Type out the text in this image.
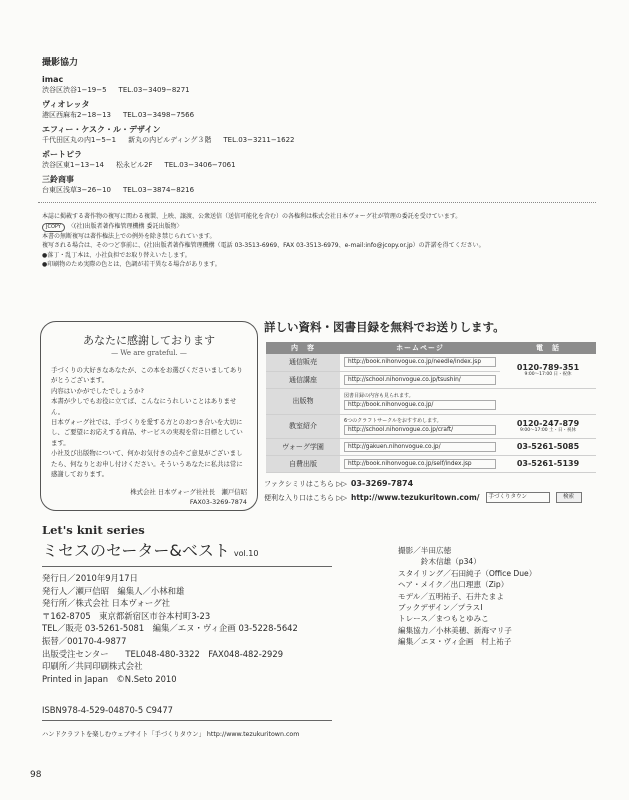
撮影協力
imac
渋谷区渋谷1−19−5 TEL.03−3409−8271
ヴィオレッタ
港区西麻布2−18−13 TEL.03−3498−7566
エフィー・ケスク・ル・デザイン
千代田区丸の内1−5−1 新丸の内ビルディング３階 TEL.03−3211−1622
ポートピラ
渋谷区東1−13−14 松永ビル2F TEL.03−3406−7061
三鈴商事
台東区浅草3−26−10 TEL.03−3874−8216
本誌に掲載する著作物の複写に関わる複製、上映、譲渡、公衆送信（送信可能化を含む）の各権利は株式会社日本ヴォーグ社が管理の委託を受けています。
JCOPY 〈(社)出版者著作権管理機構 委託出版物〉
本書の無断複写は著作権法上での例外を除き禁じられています。
複写される場合は、そのつど事前に、(社)出版者著作権管理機構（電話 03-3513-6969、FAX 03-3513-6979、e-mail:info@jcopy.or.jp）の許諾を得てください。
●落丁・乱丁本は、小社負担でお取り替えいたします。
●印刷物のため実際の色とは、色調が若干異なる場合があります。
あなたに感謝しております
— We are grateful. —

手づくりの大好きなあなたが、この本をお選びくださいましてありがとうございます。

内容はいかがでしたでしょうか?

本書が少しでもお役に立てば、こんなにうれしいことはありません。

日本ヴォーグ社では、手づくりを愛する方とのおつき合いを大切にし、ご要望にお応えする商品、サービスの実現を常に目標としています。

小社及び出版物について、何かお気付きの点やご意見がございましたら、何なりとお申し付けください。そういうあなたに私共は常に感謝しております。

株式会社 日本ヴォーグ社社長　瀬戸信昭
FAX03-3269-7874
詳しい資料・図書目録を無料でお送りします。
内　容	ホームページ	電　話
通信販売	http://book.nihonvogue.co.jp/needle/index.jsp	0120-789-351
9:00〜17:00 日・祝休

通信講座	http://school.nihonvogue.co.jp/tsushin/	

出版物	図書目録の内容も見られます。
http://book.nihonvogue.co.jp/	

教室紹介	6つのクラフトサークルをおすすめします。
http://school.nihonvogue.co.jp/craft/	0120-247-879
9:00〜17:00 土・日・祝休

ヴォーグ学園	http://gakuen.nihonvogue.co.jp/	03-5261-5085
自費出版	http://book.nihonvogue.co.jp/self/index.jsp	03-5261-5139
ファクシミリはこちら ▷▷ 03-3269-7874
便利な入り口はこちら ▷▷ http://www.tezukuritown.com/	手づくりタウン	検索
Let's knit series
ミセスのセーター&ベスト vol.10
発行日／2010年9月17日
発行人／瀬戸信昭　編集人／小林和雄
発行所／株式会社 日本ヴォーグ社
〒162-8705　東京都新宿区市谷本村町3-23
TEL／販売 03-5261-5081　編集／エヌ・ヴィ企画 03-5228-5642
振替／00170-4-9877
出版受注センター　　TEL048-480-3322　FAX048-482-2929
印刷所／共同印刷株式会社
Printed in Japan　©N.Seto 2010
ISBN978-4-529-04870-5 C9477
ハンドクラフトを楽しむウェブサイト「手づくりタウン」 http://www.tezukuritown.com
撮影／半田広徳
　　　鈴木信雄（p34）
スタイリング／石田純子（Office Due）
ヘア・メイク／出口理恵（Zip）
モデル／五明祐子、石井たまよ
ブックデザイン／プラスI
トレース／まつもとゆみこ
編集協力／小林美穂、新海マリ子
編集／エヌ・ヴィ企画　村上祐子
98
